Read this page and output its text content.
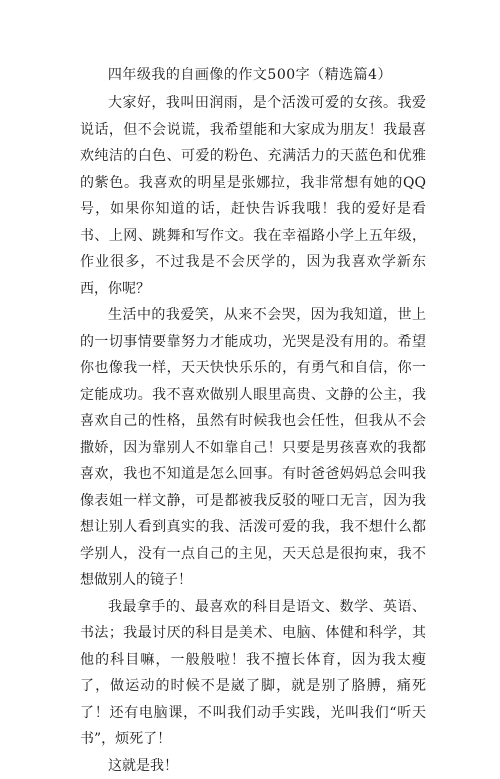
四年级我的自画像的作文500字（精选篇4）

大家好，我叫田润雨，是个活泼可爱的女孩。我爱说话，但不会说谎，我希望能和大家成为朋友！我最喜欢纯洁的白色、可爱的粉色、充满活力的天蓝色和优雅的紫色。我喜欢的明星是张娜拉，我非常想有她的QQ号，如果你知道的话，赶快告诉我哦！我的爱好是看书、上网、跳舞和写作文。我在幸福路小学上五年级，作业很多，不过我是不会厌学的，因为我喜欢学新东西，你呢？

生活中的我爱笑，从来不会哭，因为我知道，世上的一切事情要靠努力才能成功，光哭是没有用的。希望你也像我一样，天天快快乐乐的，有勇气和自信，你一定能成功。我不喜欢做别人眼里高贵、文静的公主，我喜欢自己的性格，虽然有时候我也会任性，但我从不会撒娇，因为靠别人不如靠自己！只要是男孩喜欢的我都喜欢，我也不知道是怎么回事。有时爸爸妈妈总会叫我像表姐一样文静，可是都被我反驳的哑口无言，因为我想让别人看到真实的我、活泼可爱的我，我不想什么都学别人，没有一点自己的主见，天天总是很拘束，我不想做别人的镜子！

我最拿手的、最喜欢的科目是语文、数学、英语、书法；我最讨厌的科目是美术、电脑、体健和科学，其他的科目嘛，一般般啦！我不擅长体育，因为我太瘦了，做运动的时候不是崴了脚，就是别了胳膊，痛死了！还有电脑课，不叫我们动手实践，光叫我们“听天书”，烦死了！

这就是我！
